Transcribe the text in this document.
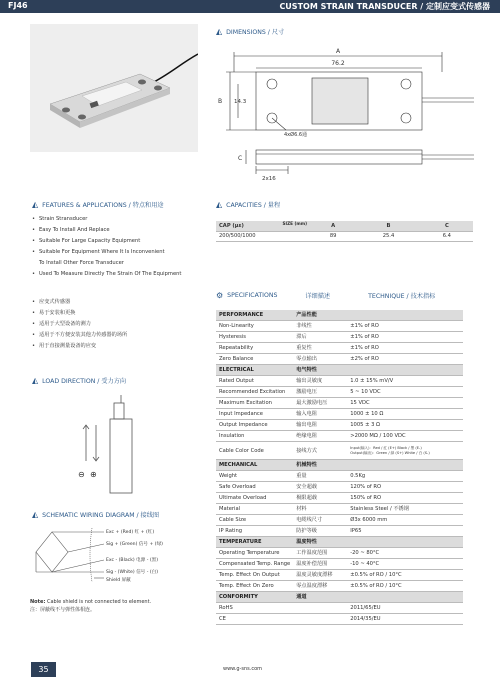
FJ46	CUSTOM STRAIN TRANSDUCER / 定制应变式传感器
◭ DIMENSIONS / 尺寸
A
76.2
B 14.3
4xØ6.6通
C
2x16
◭ FEATURES & APPLICATIONS / 特点和用途
• Strain Stransducer
• Easy To Install And Replace
• Suitable For Large Capacity Equipment
• Suitable For Equipment Where It Is Inconvenient
To Install Other Force Transducer
• Used To Measure Directly The Strain Of The Equipment
• 应变式传感器
• 易于安装和更换
• 适用于大型设备的测力
• 适用于不方便安装其他力传感器的场所
• 用于直接测量设备的应变
◭ CAPACITIES / 量程
CAP (με) SIZE (mm)	A	B	C
200/500/1000	89	25.4	6.4
⚙ SPECIFICATIONS	详细描述	TECHNIQUE / 技术指标
PERFORMANCE	产品性能	
Non-Linearity	非线性	±1% of RO
Hysteresis	滞后	±1% of RO
Repeatability	重复性	±1% of RO
Zero Balance	零点输出	±2% of RO
ELECTRICAL	电气特性	
Rated Output	输出灵敏度	1.0 ± 15% mV/V
Recommended Excitation	激励电压	5 ~ 10 VDC
Maximum Excitation	最大激励电压	15 VDC
Input Impedance	输入电阻	1000 ± 10 Ω
Output Impedance	输出电阻	1005 ± 3 Ω
Insulation	绝缘电阻	>2000 MΩ / 100 VDC
Cable Color Code	接线方式	Input(输入)：Red / 红 (E+) Black / 黑 (E-)
Output(输出)：Green / 绿 (S+) White / 白 (S-)

MECHANICAL	机械特性	
Weight	重量	0.5Kg
Safe Overload	安全超载	120% of RO
Ultimate Overload	极限超载	150% of RO
Material	材料	Stainless Steel / 不锈钢
Cable Size	电缆线尺寸	Ø3x 6000 mm
IP Rating	防护等级	IP65
TEMPERATURE	温度特性	
Operating Temperature	工作温度范围	-20 ~ 80°C
Compensated Temp. Range	温度补偿范围	-10 ~ 40°C
Temp. Effect On Output	温度灵敏度漂移	±0.5% of RO / 10°C
Temp. Effect On Zero	零点温度漂移	±0.5% of RO / 10°C
CONFORMITY	通道	
RoHS		2011/65/EU
CE		2014/35/EU
◭ LOAD DIRECTION / 受力方向
⊖ ⊕
◭ SCHEMATIC WIRING DIAGRAM / 接线图
Exc + (Red) 红 + (红)
Sig + (Green) 信号 + (绿)
Exc - (Black) 电源 - (黑)
Sig - (White) 信号 - (白)
Shield 屏蔽
Note: Cable shield is not connected to element.
注：屏蔽线不与弹性体相连。
35	www.g-sns.com
